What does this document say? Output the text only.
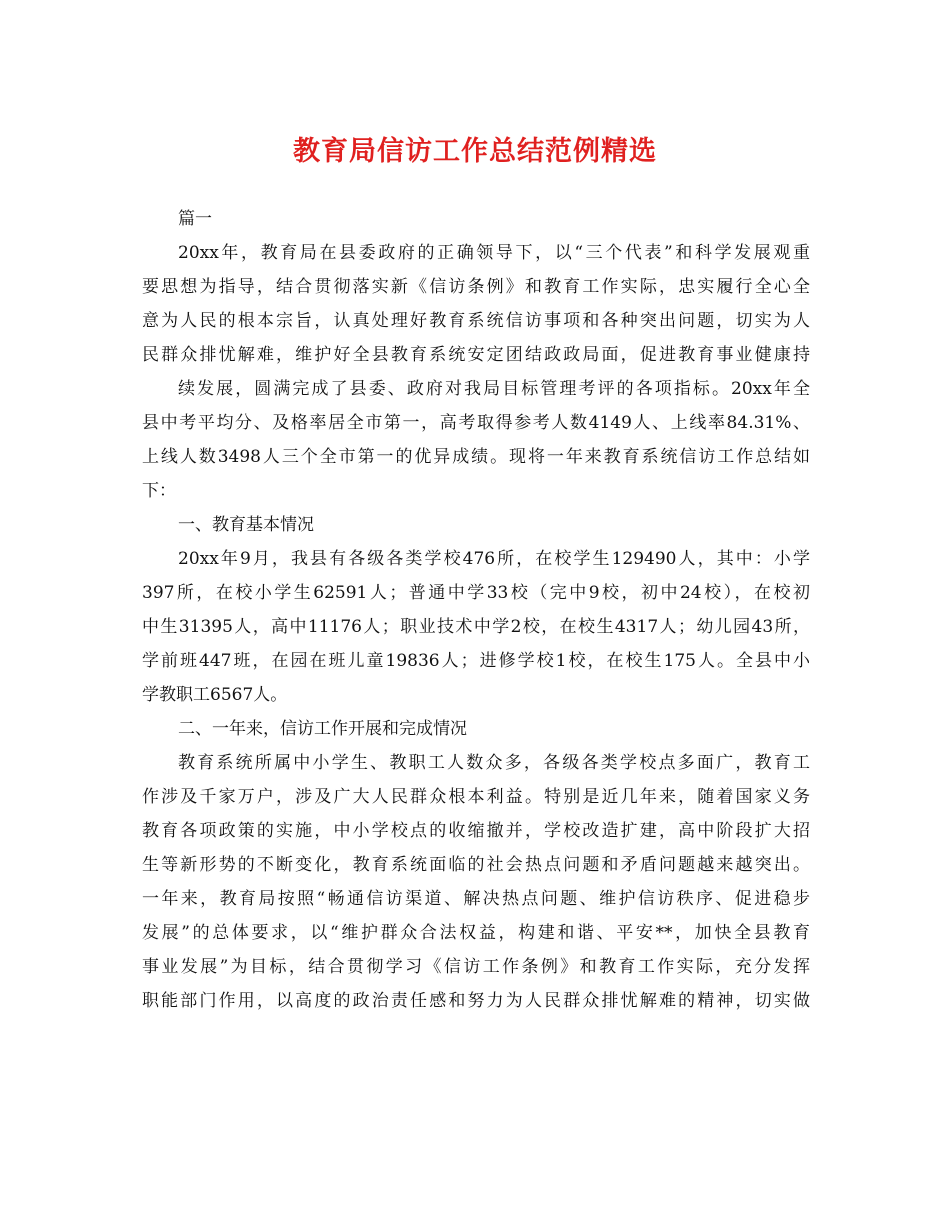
教育局信访工作总结范例精选
篇一
20xx年，教育局在县委政府的正确领导下，以“三个代表”和科学发展观重
要思想为指导，结合贯彻落实新《信访条例》和教育工作实际，忠实履行全心全
意为人民的根本宗旨，认真处理好教育系统信访事项和各种突出问题，切实为人
民群众排忧解难，维护好全县教育系统安定团结政政局面，促进教育事业健康持
续发展，圆满完成了县委、政府对我局目标管理考评的各项指标。20xx年全
县中考平均分、及格率居全市第一，高考取得参考人数4149人、上线率84.31%、
上线人数3498人三个全市第一的优异成绩。现将一年来教育系统信访工作总结如
下：
一、教育基本情况
20xx年9月，我县有各级各类学校476所，在校学生129490人，其中：小学
397所，在校小学生62591人；普通中学33校（完中9校，初中24校），在校初
中生31395人，高中11176人；职业技术中学2校，在校生4317人；幼儿园43所，
学前班447班，在园在班儿童19836人；进修学校1校，在校生175人。全县中小
学教职工6567人。
二、一年来，信访工作开展和完成情况
教育系统所属中小学生、教职工人数众多，各级各类学校点多面广，教育工
作涉及千家万户，涉及广大人民群众根本利益。特别是近几年来，随着国家义务
教育各项政策的实施，中小学校点的收缩撤并，学校改造扩建，高中阶段扩大招
生等新形势的不断变化，教育系统面临的社会热点问题和矛盾问题越来越突出。
一年来，教育局按照“畅通信访渠道、解决热点问题、维护信访秩序、促进稳步
发展”的总体要求，以“维护群众合法权益，构建和谐、平安**，加快全县教育
事业发展”为目标，结合贯彻学习《信访工作条例》和教育工作实际，充分发挥
职能部门作用，以高度的政治责任感和努力为人民群众排忧解难的精神，切实做
